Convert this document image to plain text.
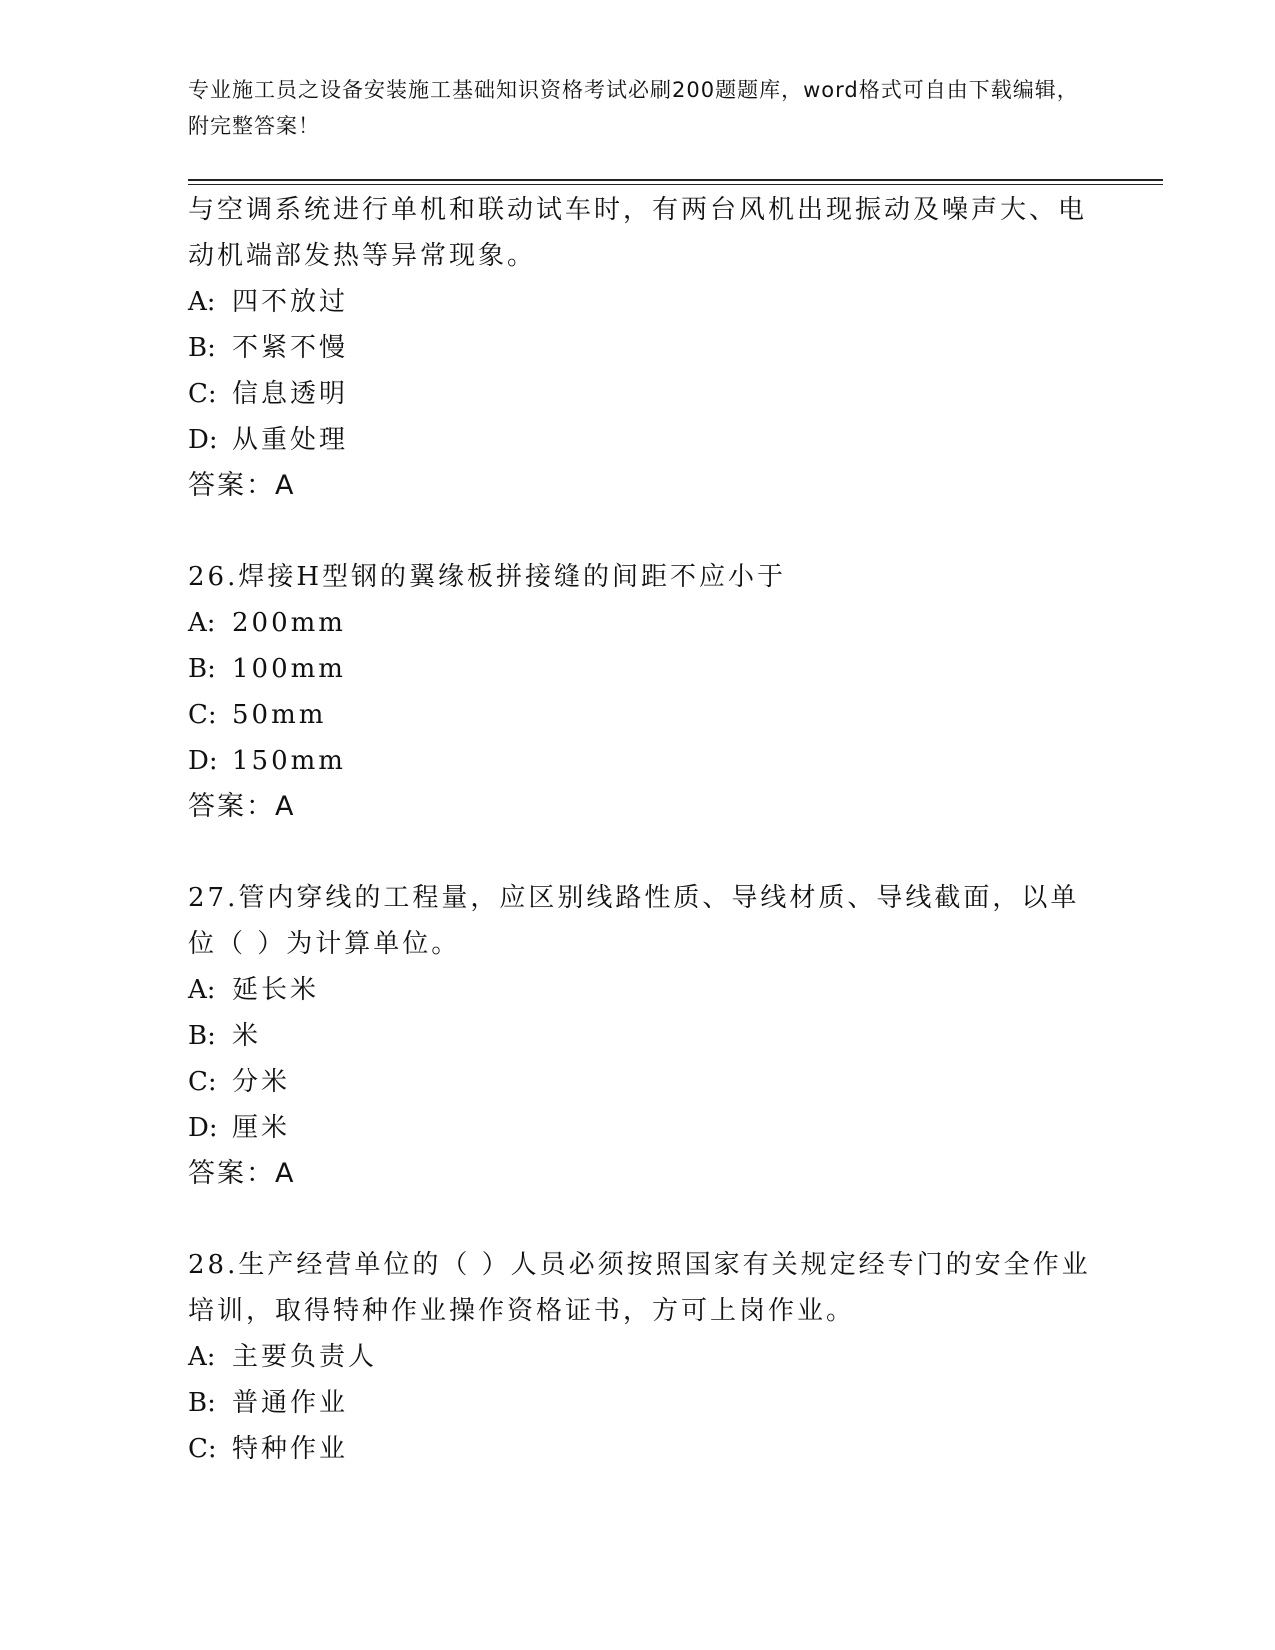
专业施工员之设备安装施工基础知识资格考试必刷200题题库，word格式可自由下载编辑，附完整答案！
与空调系统进行单机和联动试车时，有两台风机出现振动及噪声大、电动机端部发热等异常现象。
A: 四不放过
B: 不紧不慢
C: 信息透明
D: 从重处理
答案：A
26.焊接H型钢的翼缘板拼接缝的间距不应小于
A: 200mm
B: 100mm
C: 50mm
D: 150mm
答案：A
27.管内穿线的工程量，应区别线路性质、导线材质、导线截面，以单位（ ）为计算单位。
A: 延长米
B: 米
C: 分米
D: 厘米
答案：A
28.生产经营单位的（ ）人员必须按照国家有关规定经专门的安全作业培训，取得特种作业操作资格证书，方可上岗作业。
A: 主要负责人
B: 普通作业
C: 特种作业
